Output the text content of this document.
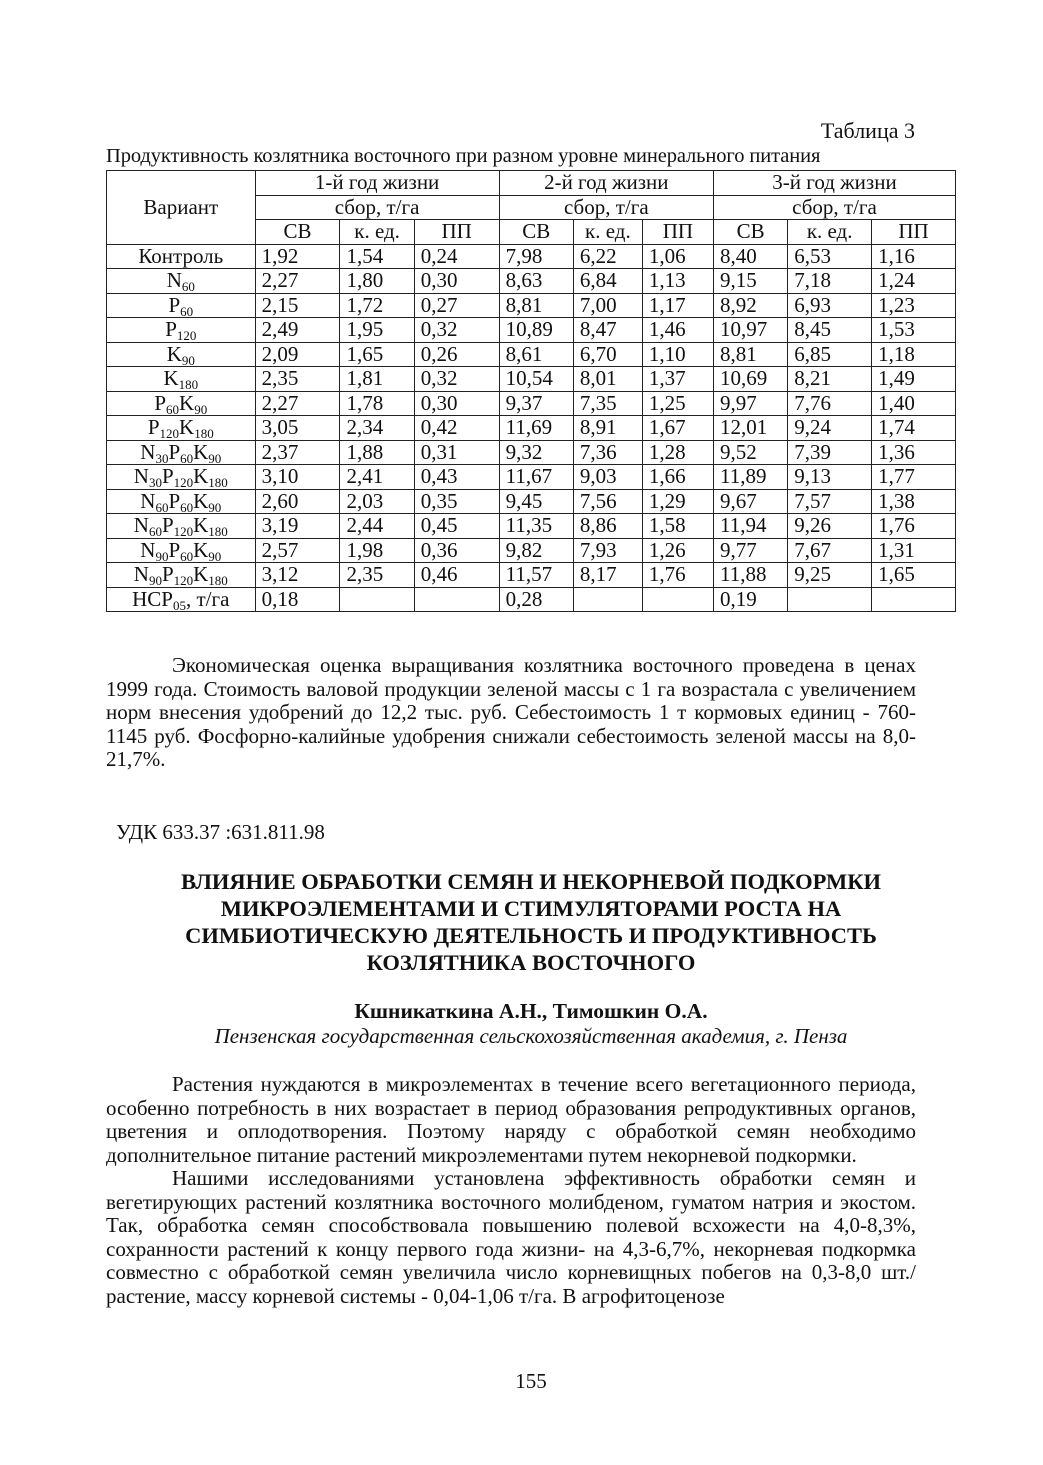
Таблица 3
Продуктивность козлятника восточного при разном уровне минерального питания
Вариант	1-й год жизни			2-й год жизни			3-й год жизни		
	сбор, т/га			сбор, т/га			сбор, т/га		
	СВ	к. ед.	ПП	СВ	к. ед.	ПП	СВ	к. ед.	ПП
Контроль	1,92	1,54	0,24	7,98	6,22	1,06	8,40	6,53	1,16
$N_{60}$	2,27	1,80	0,30	8,63	6,84	1,13	9,15	7,18	1,24
$P_{60}$	2,15	1,72	0,27	8,81	7,00	1,17	8,92	6,93	1,23
$P_{120}$	2,49	1,95	0,32	10,89	8,47	1,46	10,97	8,45	1,53
$K_{90}$	2,09	1,65	0,26	8,61	6,70	1,10	8,81	6,85	1,18
$K_{180}$	2,35	1,81	0,32	10,54	8,01	1,37	10,69	8,21	1,49
$P_{60}K_{90}$	2,27	1,78	0,30	9,37	7,35	1,25	9,97	7,76	1,40
$P_{120}K_{180}$	3,05	2,34	0,42	11,69	8,91	1,67	12,01	9,24	1,74
$N_{30}P_{60}K_{90}$	2,37	1,88	0,31	9,32	7,36	1,28	9,52	7,39	1,36
$N_{30}P_{120}K_{180}$	3,10	2,41	0,43	11,67	9,03	1,66	11,89	9,13	1,77
$N_{60}P_{60}K_{90}$	2,60	2,03	0,35	9,45	7,56	1,29	9,67	7,57	1,38
$N_{60}P_{120}K_{180}$	3,19	2,44	0,45	11,35	8,86	1,58	11,94	9,26	1,76
$N_{90}P_{60}K_{90}$	2,57	1,98	0,36	9,82	7,93	1,26	9,77	7,67	1,31
$N_{90}P_{120}K_{180}$	3,12	2,35	0,46	11,57	8,17	1,76	11,88	9,25	1,65
$НСР_{05}$, т/га	0,18			0,28			0,19		

Экономическая оценка выращивания козлятника восточного проведена в ценах 1999 года. Стоимость валовой продукции зеленой массы с 1 га возрастала с увеличением норм внесения удобрений до 12,2 тыс. руб. Себестоимость 1 т кормовых единиц - 760-1145 руб. Фосфорно-калийные удобрения снижали себестоимость зеленой массы на 8,0-21,7%.

УДК 633.37 :631.811.98
ВЛИЯНИЕ ОБРАБОТКИ СЕМЯН И НЕКОРНЕВОЙ ПОДКОРМКИ МИКРОЭЛЕМЕНТАМИ И СТИМУЛЯТОРАМИ РОСТА НА СИМБИОТИЧЕСКУЮ ДЕЯТЕЛЬНОСТЬ И ПРОДУКТИВНОСТЬ КОЗЛЯТНИКА ВОСТОЧНОГО
Кшникаткина А.Н., Тимошкин О.А.
Пензенская государственная сельскохозяйственная академия, г. Пенза

Растения нуждаются в микроэлементах в течение всего вегетационного периода, особенно потребность в них возрастает в период образования репродуктивных органов, цветения и оплодотворения. Поэтому наряду с обработкой семян необходимо дополнительное питание растений микроэлементами путем некорневой подкормки.

Нашими исследованиями установлена эффективность обработки семян и вегетирующих растений козлятника восточного молибденом, гуматом натрия и экостом. Так, обработка семян способствовала повышению полевой всхожести на 4,0-8,3%, сохранности растений к концу первого года жизни- на 4,3-6,7%, некорневая подкормка совместно с обработкой семян увеличила число корневищных побегов на 0,3-8,0 шт./растение, массу корневой системы - 0,04-1,06 т/га. В агрофитоценозе

155
